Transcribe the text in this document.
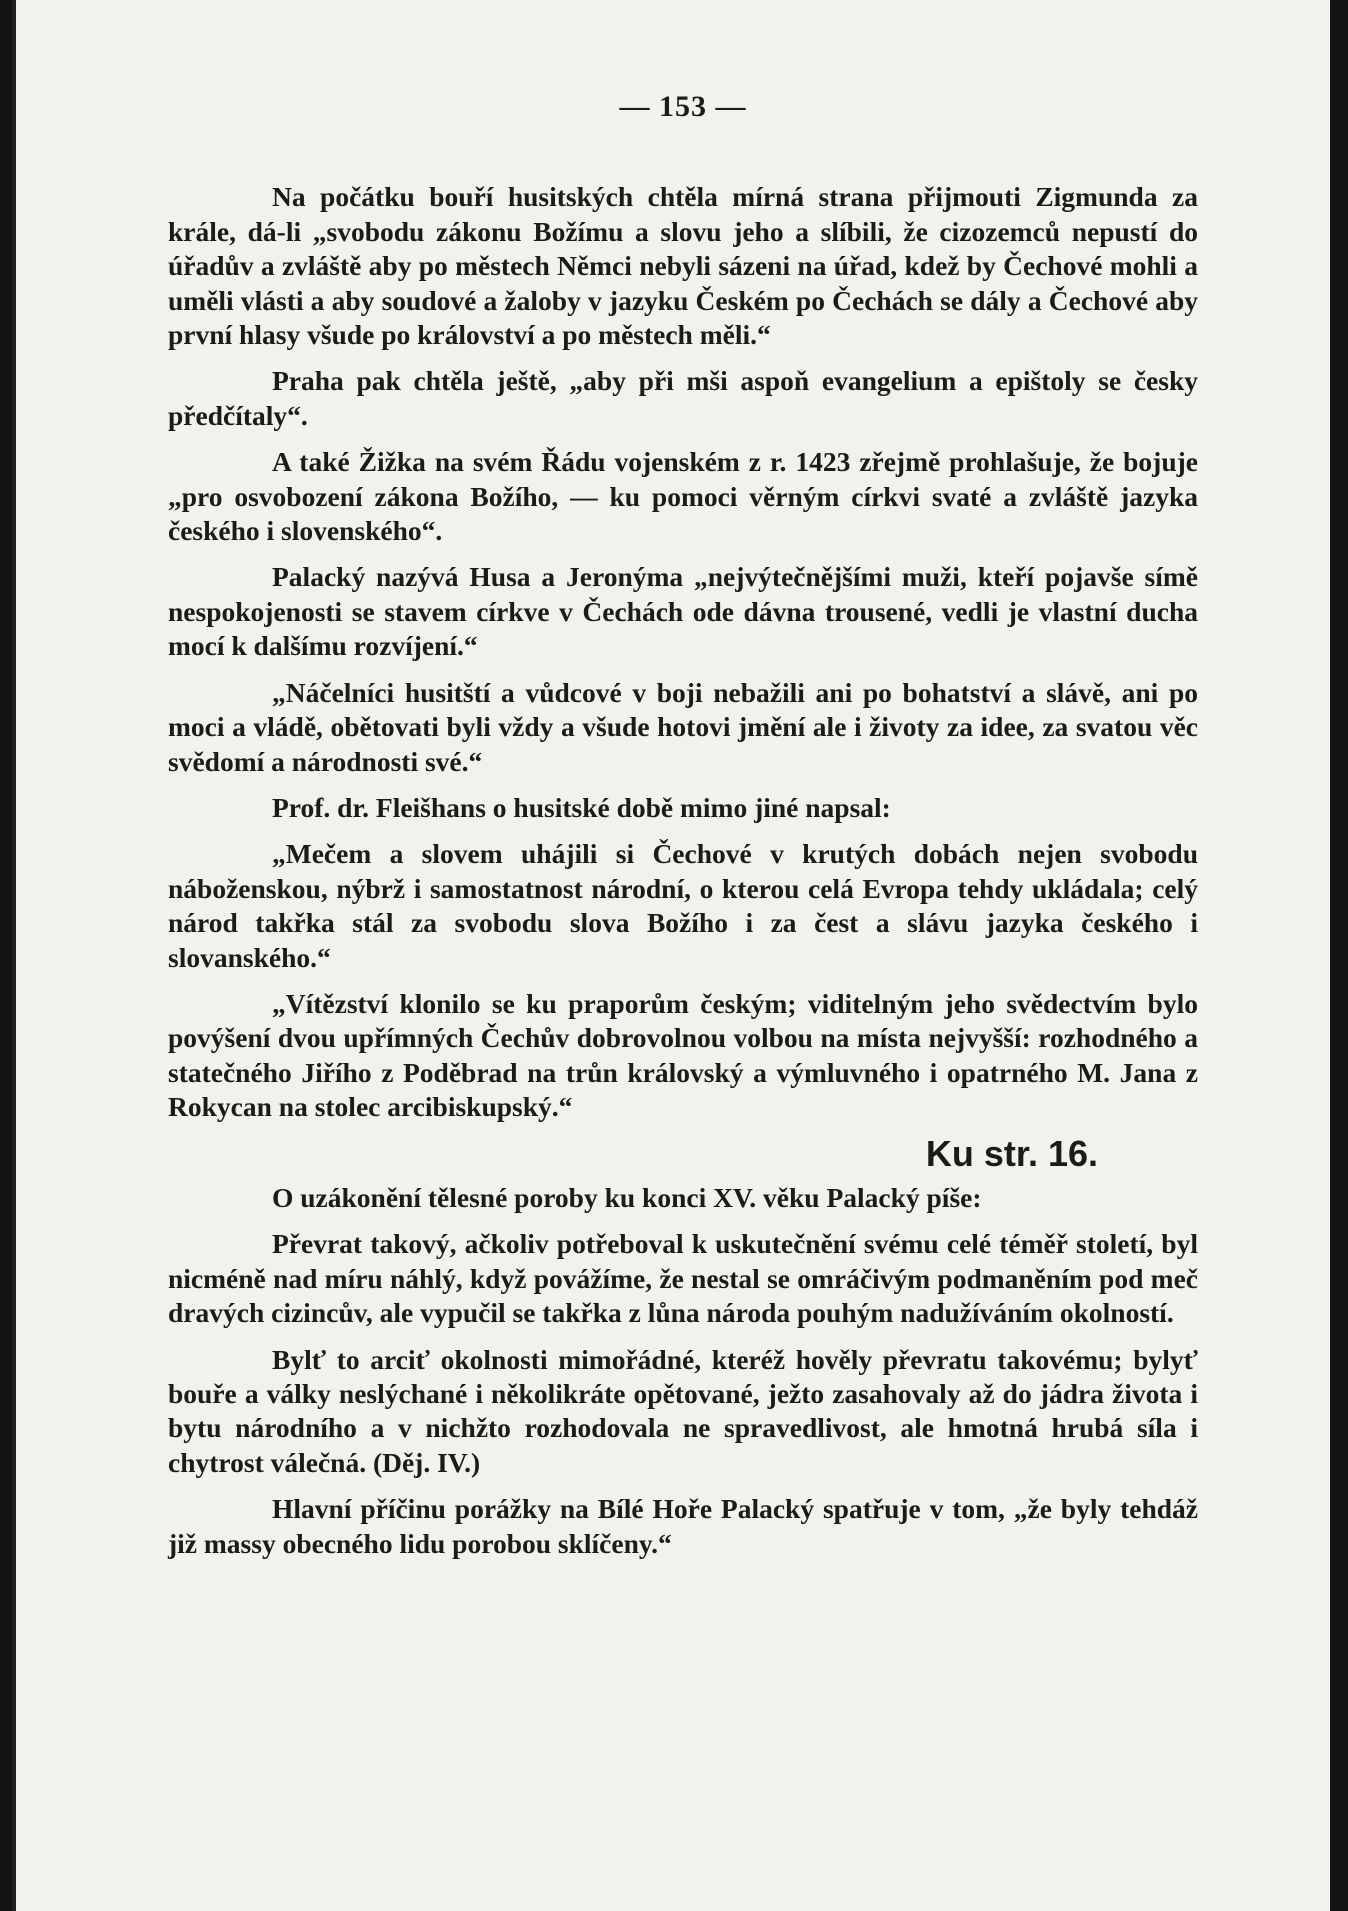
— 153 —

Na počátku bouří husitských chtěla mírná strana přijmouti Zigmunda za krále, dá-li „svobodu zákonu Božímu a slovu jeho a slíbili, že cizozemců nepustí do úřadův a zvláště aby po městech Němci nebyli sázeni na úřad, kdež by Čechové mohli a uměli vlásti a aby soudové a žaloby v jazyku Českém po Čechách se dály a Čechové aby první hlasy všude po království a po městech měli.“

Praha pak chtěla ještě, „aby při mši aspoň evangelium a epištoly se česky předčítaly“.

A také Žižka na svém Řádu vojenském z r. 1423 zřejmě prohlašuje, že bojuje „pro osvobození zákona Božího, — ku pomoci věrným církvi svaté a zvláště jazyka českého i slovenského“.

Palacký nazývá Husa a Jeronýma „nejvýtečnějšími muži, kteří pojavše símě nespokojenosti se stavem církve v Čechách ode dávna trousené, vedli je vlastní ducha mocí k dalšímu rozvíjení.“

„Náčelníci husitští a vůdcové v boji nebažili ani po bohatství a slávě, ani po moci a vládě, obětovati byli vždy a všude hotovi jmění ale i životy za idee, za svatou věc svědomí a národnosti své.“

Prof. dr. Fleišhans o husitské době mimo jiné napsal:

„Mečem a slovem uhájili si Čechové v krutých dobách nejen svobodu náboženskou, nýbrž i samostatnost národní, o kterou celá Evropa tehdy ukládala; celý národ takřka stál za svobodu slova Božího i za čest a slávu jazyka českého i slovanského.“

„Vítězství klonilo se ku praporům českým; viditelným jeho svědectvím bylo povýšení dvou upřímných Čechův dobrovolnou volbou na místa nejvyšší: rozhodného a statečného Jiřího z Poděbrad na trůn královský a výmluvného i opatrného M. Jana z Rokycan na stolec arcibiskupský.“

Ku str. 16.

O uzákonění tělesné poroby ku konci XV. věku Palacký píše:

Převrat takový, ačkoliv potřeboval k uskutečnění svému celé téměř století, byl nicméně nad míru náhlý, když povážíme, že nestal se omráčivým podmaněním pod meč dravých cizincův, ale vypučil se takřka z lůna národa pouhým nadužíváním okolností.

Bylť to arciť okolnosti mimořádné, kteréž hověly převratu takovému; bylyť bouře a války neslýchané i několikráte opětované, ježto zasahovaly až do jádra života i bytu národního a v nichžto rozhodovala ne spravedlivost, ale hmotná hrubá síla i chytrost válečná. (Děj. IV.)

Hlavní příčinu porážky na Bílé Hoře Palacký spatřuje v tom, „že byly tehdáž již massy obecného lidu porobou sklíčeny.“
